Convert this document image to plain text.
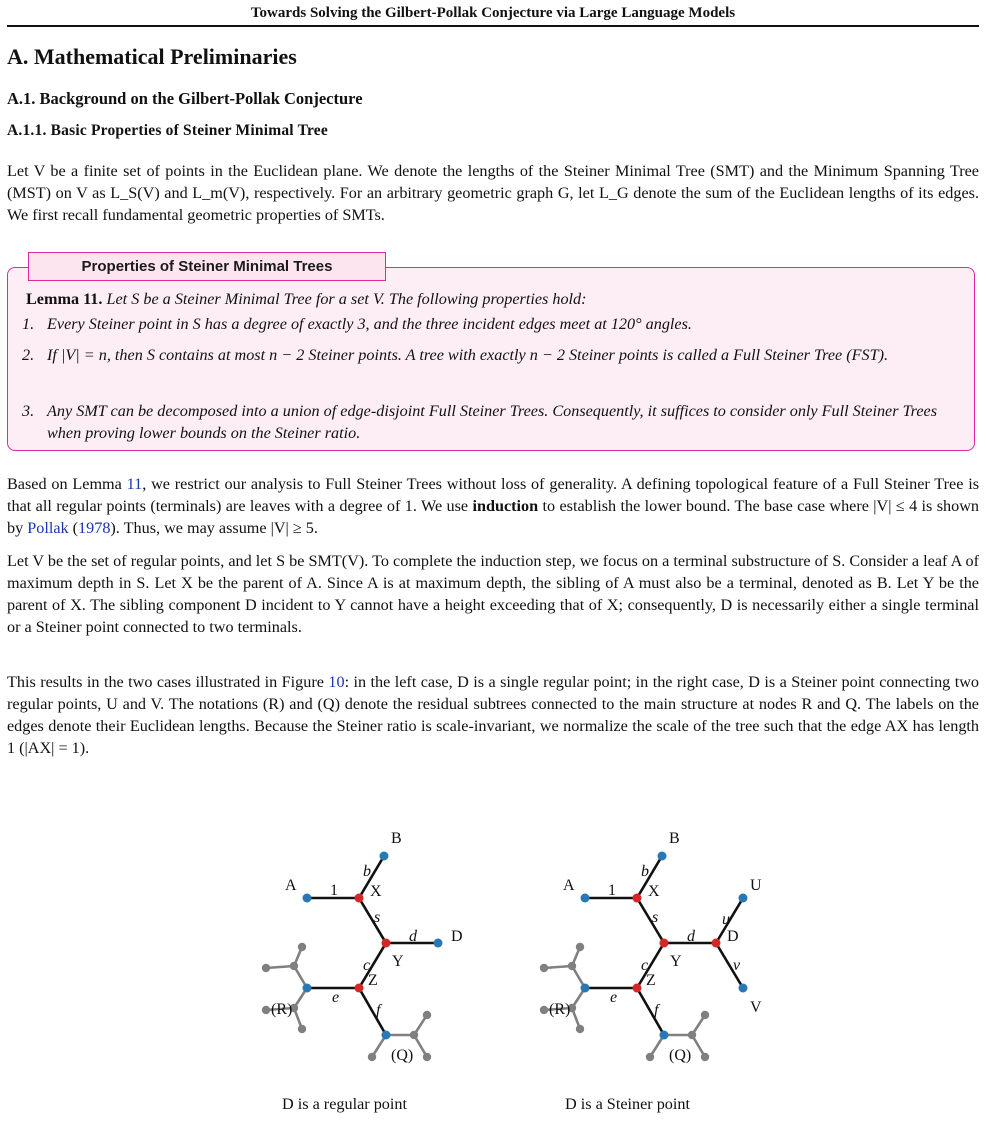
Towards Solving the Gilbert-Pollak Conjecture via Large Language Models
A. Mathematical Preliminaries
A.1. Background on the Gilbert-Pollak Conjecture
A.1.1. Basic Properties of Steiner Minimal Tree

Let V be a finite set of points in the Euclidean plane. We denote the lengths of the Steiner Minimal Tree (SMT) and the Minimum Spanning Tree (MST) on V as L_S(V) and L_m(V), respectively. For an arbitrary geometric graph G, let L_G denote the sum of the Euclidean lengths of its edges. We first recall fundamental geometric properties of SMTs.

Properties of Steiner Minimal Trees

Lemma 11. Let S be a Steiner Minimal Tree for a set V. The following properties hold:

1. Every Steiner point in S has a degree of exactly 3, and the three incident edges meet at 120° angles.

2. If |V| = n, then S contains at most n − 2 Steiner points. A tree with exactly n − 2 Steiner points is called a Full Steiner Tree (FST).

3. Any SMT can be decomposed into a union of edge-disjoint Full Steiner Trees. Consequently, it suffices to consider only Full Steiner Trees when proving lower bounds on the Steiner ratio.

Based on Lemma 11, we restrict our analysis to Full Steiner Trees without loss of generality. A defining topological feature of a Full Steiner Tree is that all regular points (terminals) are leaves with a degree of 1. We use induction to establish the lower bound. The base case where |V| ≤ 4 is shown by Pollak (1978). Thus, we may assume |V| ≥ 5.

Let V be the set of regular points, and let S be SMT(V). To complete the induction step, we focus on a terminal substructure of S. Consider a leaf A of maximum depth in S. Let X be the parent of A. Since A is at maximum depth, the sibling of A must also be a terminal, denoted as B. Let Y be the parent of X. The sibling component D incident to Y cannot have a height exceeding that of X; consequently, D is necessarily either a single terminal or a Steiner point connected to two terminals.

This results in the two cases illustrated in Figure 10: in the left case, D is a single regular point; in the right case, D is a Steiner point connecting two regular points, U and V. The notations (R) and (Q) denote the residual subtrees connected to the main structure at nodes R and Q. The labels on the edges denote their Euclidean lengths. Because the Steiner ratio is scale-invariant, we normalize the scale of the tree such that the edge AX has length 1 (|AX| = 1).

A
B
X
Y
Z
D
(R)
(Q)
1
b
s
d
c
e
f
A
B
X
Y
Z
D
U
V
(R)
(Q)
1
b
s
d
u
v
c
e
f
D is a regular point	D is a Steiner point
